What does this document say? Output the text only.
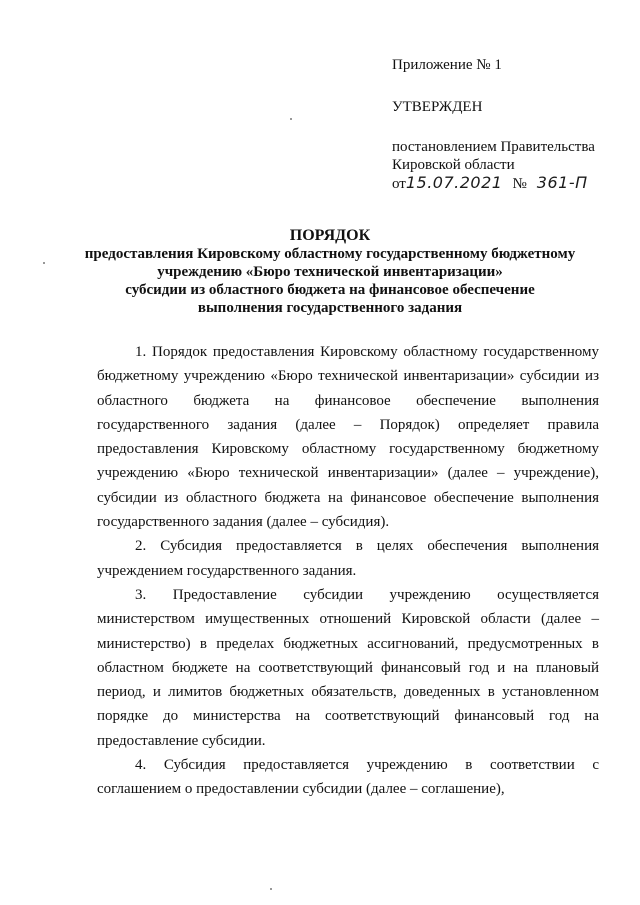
Приложение № 1

УТВЕРЖДЕН

постановлением Правительства

Кировской области

от15.07.2021 № 361-П

ПОРЯДОК

предоставления Кировскому областному государственному бюджетному

учреждению «Бюро технической инвентаризации»

субсидии из областного бюджета на финансовое обеспечение

выполнения государственного задания

1. Порядок предоставления Кировскому областному государственному бюджетному учреждению «Бюро технической инвентаризации» субсидии из областного бюджета на финансовое обеспечение выполнения государственного задания (далее – Порядок) определяет правила предоставления Кировскому областному государственному бюджетному учреждению «Бюро технической инвентаризации» (далее – учреждение), субсидии из областного бюджета на финансовое обеспечение выполнения государственного задания (далее – субсидия).

2. Субсидия предоставляется в целях обеспечения выполнения учреждением государственного задания.

3. Предоставление субсидии учреждению осуществляется министерством имущественных отношений Кировской области (далее – министерство) в пределах бюджетных ассигнований, предусмотренных в областном бюджете на соответствующий финансовый год и на плановый период, и лимитов бюджетных обязательств, доведенных в установленном порядке до министерства на соответствующий финансовый год на предоставление субсидии.

4. Субсидия предоставляется учреждению в соответствии с соглашением о предоставлении субсидии (далее – соглашение),
